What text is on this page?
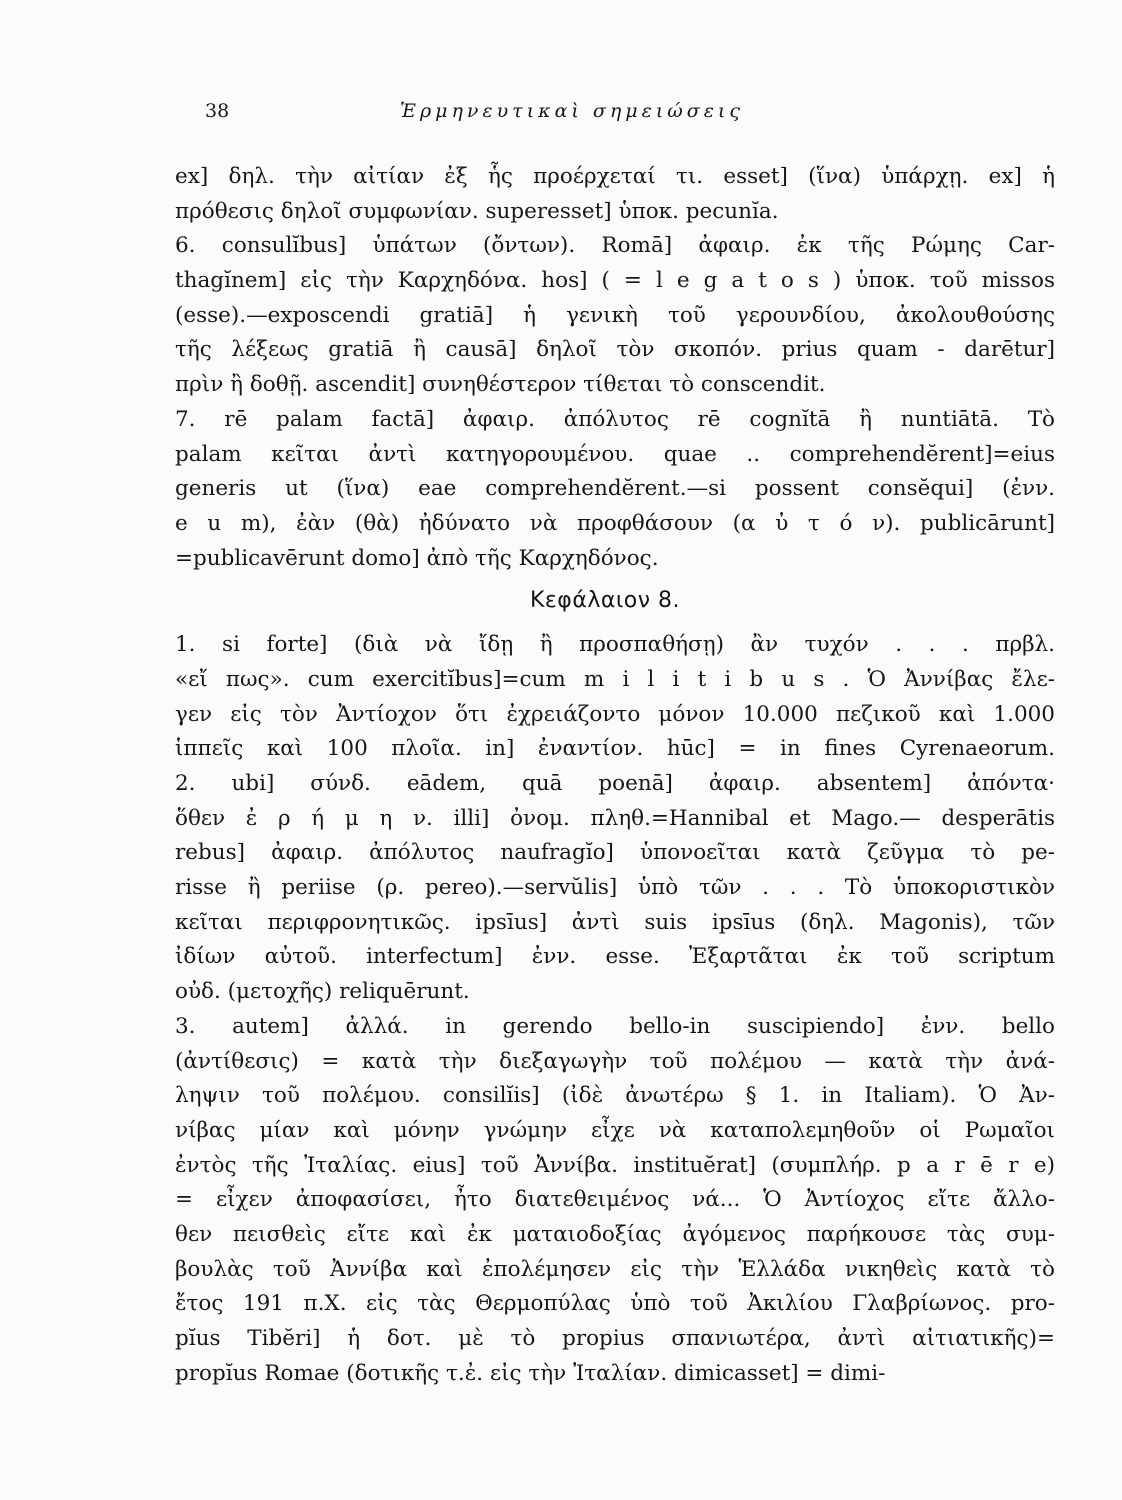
38	Ἑρμηνευτικαὶ σημειώσεις
ex] δηλ. τὴν αἰτίαν ἐξ ἧς προέρχεταί τι. esset] (ἵνα) ὑπάρχῃ. ex] ἡ
πρόθεσις δηλοῖ συμφωνίαν. superesset] ὑποκ. pecunĭa.
6. consulĭbus] ὑπάτων (ὄντων). Romā] ἀφαιρ. ἐκ τῆς Ρώμης Car-
thagĭnem] εἰς τὴν Καρχηδόνα. hos] ( = l e g a t o s ) ὑποκ. τοῦ missos
(esse).—exposcendi gratiā] ἡ γενικὴ τοῦ γερουνδίου, ἀκολουθούσης
τῆς λέξεως gratiā ἢ causā] δηλοῖ τὸν σκοπόν. prius quam - darētur]
πρὶν ἢ δοθῇ. ascendit] συνηθέστερον τίθεται τὸ conscendit.
7. rē palam factā] ἀφαιρ. ἀπόλυτος rē cognĭtā ἢ nuntiātā. Τὸ
palam κεῖται ἀντὶ κατηγορουμένου. quae .. comprehendĕrent]=eius
generis ut (ἵνα) eae comprehendĕrent.—si possent consĕqui] (ἐνν.
e u m), ἐὰν (θὰ) ἠδύνατο νὰ προφθάσουν (α ὐ τ ό ν). publicārunt]
=publicavērunt domo] ἀπὸ τῆς Καρχηδόνος.
Κεφάλαιον 8.
1. si forte] (διὰ νὰ ἴδῃ ἢ προσπαθήσῃ) ἂν τυχόν . . . πρβλ.
«εἴ πως». cum exercitĭbus]=cum m i l i t i b u s . Ὁ Ἀννίβας ἔλε-
γεν εἰς τὸν Ἀντίοχον ὅτι ἐχρειάζοντο μόνον 10.000 πεζικοῦ καὶ 1.000
ἱππεῖς καὶ 100 πλοῖα. in] ἐναντίον. hūc] = in fines Cyrenaeorum.
2. ubi] σύνδ. eādem, quā poenā] ἀφαιρ. absentem] ἀπόντα·
ὅθεν ἐ ρ ή μ η ν. illi] ὀνομ. πληθ.=Hannibal et Mago.— desperātis
rebus] ἀφαιρ. ἀπόλυτος naufragĭo] ὑπονοεῖται κατὰ ζεῦγμα τὸ pe-
risse ἢ periise (ρ. pereo).—servŭlis] ὑπὸ τῶν . . . Τὸ ὑποκοριστικὸν
κεῖται περιφρονητικῶς. ipsīus] ἀντὶ suis ipsīus (δηλ. Magonis), τῶν
ἰδίων αὐτοῦ. interfectum] ἐνν. esse. Ἐξαρτᾶται ἐκ τοῦ scriptum
οὐδ. (μετοχῆς) reliquērunt.
3. autem] ἀλλά. in gerendo bello-in suscipiendo] ἐνν. bello
(ἀντίθεσις) = κατὰ τὴν διεξαγωγὴν τοῦ πολέμου — κατὰ τὴν ἀνά-
ληψιν τοῦ πολέμου. consilĭis] (ἰδὲ ἀνωτέρω § 1. in Italiam). Ὁ Ἀν-
νίβας μίαν καὶ μόνην γνώμην εἶχε νὰ καταπολεμηθοῦν οἱ Ρωμαῖοι
ἐντὸς τῆς Ἰταλίας. eius] τοῦ Ἀννίβα. instituĕrat] (συμπλήρ. p a r ē r e)
= εἶχεν ἀποφασίσει, ἦτο διατεθειμένος νά... Ὁ Ἀντίοχος εἴτε ἄλλο-
θεν πεισθεὶς εἴτε καὶ ἐκ ματαιοδοξίας ἀγόμενος παρήκουσε τὰς συμ-
βουλὰς τοῦ Ἀννίβα καὶ ἐπολέμησεν εἰς τὴν Ἑλλάδα νικηθεὶς κατὰ τὸ
ἔτος 191 π.Χ. εἰς τὰς Θερμοπύλας ὑπὸ τοῦ Ἀκιλίου Γλαβρίωνος. pro-
pĭus Tibĕri] ἡ δοτ. μὲ τὸ propius σπανιωτέρα, ἀντὶ αἰτιατικῆς)=
propĭus Romae (δοτικῆς τ.ἐ. εἰς τὴν Ἰταλίαν. dimicasset] = dimi-
